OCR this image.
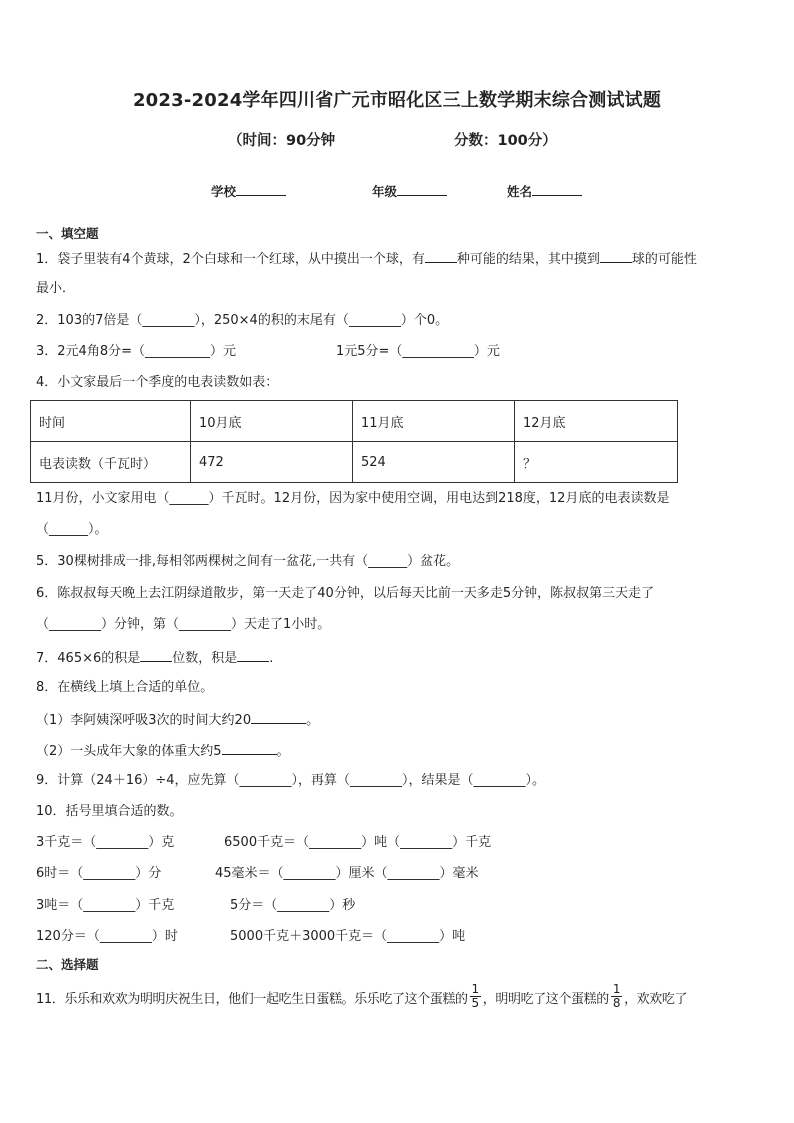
2023-2024学年四川省广元市昭化区三上数学期末综合测试试题
（时间：90分钟	分数：100分）
学校	年级	姓名
一、填空题
1．袋子里装有4个黄球，2个白球和一个红球，从中摸出一个球，有 种可能的结果，其中摸到 球的可能性
最小．
2．103的7倍是（________），250×4的积的末尾有（________）个0。
3．2元4角8分=（__________）元	1元5分=（___________）元
4．小文家最后一个季度的电表读数如表：
时间	10月底	11月底	12月底
电表读数（千瓦时）	472	524	？
11月份，小文家用电（______）千瓦时。12月份，因为家中使用空调，用电达到218度，12月底的电表读数是
（______）。
5．30棵树排成一排,每相邻两棵树之间有一盆花,一共有（______）盆花。
6．陈叔叔每天晚上去江阴绿道散步，第一天走了40分钟，以后每天比前一天多走5分钟，陈叔叔第三天走了
（________）分钟，第（________）天走了1小时。
7．465×6的积是 位数，积是 .
8．在横线上填上合适的单位。
（1）李阿姨深呼吸3次的时间大约20	。
（2）一头成年大象的体重大约5	。
9．计算（24＋16）÷4，应先算（________），再算（________），结果是（________）。
10．括号里填合适的数。
3千克＝（________）克	6500千克＝（________）吨（________）千克
6时＝（________）分	45毫米＝（________）厘米（________）毫米
3吨＝（________）千克	5分＝（________）秒
120分＝（________）时	5000千克＋3000千克＝（________）吨
二、选择题
11．乐乐和欢欢为明明庆祝生日，他们一起吃生日蛋糕。乐乐吃了这个蛋糕的 $\frac{1}{5}$ ，明明吃了这个蛋糕的 $\frac{1}{8}$ ，欢欢吃了
